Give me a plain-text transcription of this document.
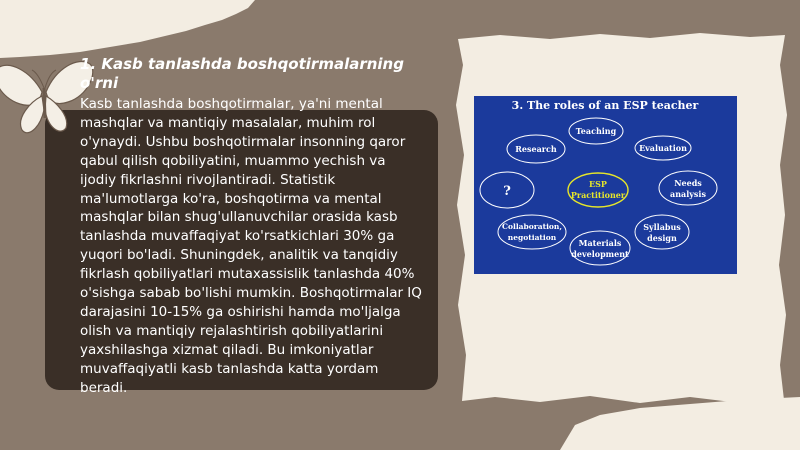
1. Kasb tanlashda boshqotirmalarning o'rni
Kasb tanlashda boshqotirmalar, ya'ni mental mashqlar va mantiqiy masalalar, muhim rol o'ynaydi. Ushbu boshqotirmalar insonning qaror qabul qilish qobiliyatini, muammo yechish va ijodiy fikrlashni rivojlantiradi. Statistik ma'lumotlarga ko'ra, boshqotirma va mental mashqlar bilan shug'ullanuvchilar orasida kasb tanlashda muvaffaqiyat ko'rsatkichlari 30% ga yuqori bo'ladi. Shuningdek, analitik va tanqidiy fikrlash qobiliyatlari mutaxassislik tanlashda 40% o'sishga sabab bo'lishi mumkin. Boshqotirmalar IQ darajasini 10-15% ga oshirishi hamda mo'ljalga olish va mantiqiy rejalashtirish qobiliyatlarini yaxshilashga xizmat qiladi. Bu imkoniyatlar muvaffaqiyatli kasb tanlashda katta yordam beradi.
3. The roles of an ESP teacher
Teaching
Research	Evaluation
?	ESP
Practitioner
Needs
analysis
Collaboration,
negotiation
Syllabus
design
Materials
development
